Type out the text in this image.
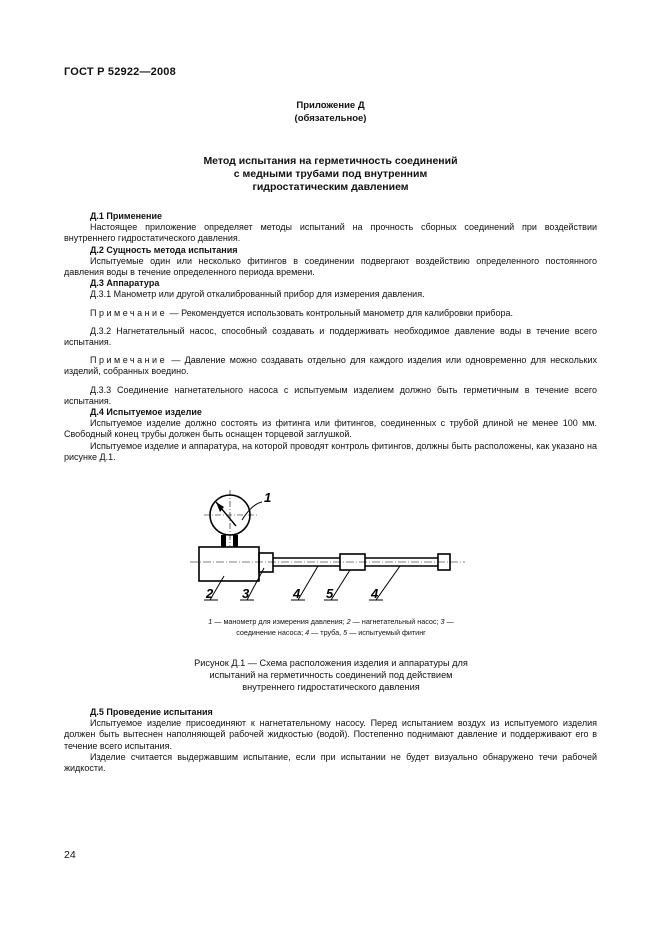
ГОСТ Р 52922—2008
Приложение Д
(обязательное)
Метод испытания на герметичность соединений
с медными трубами под внутренним
гидростатическим давлением

Д.1 Применение

Настоящее приложение определяет методы испытаний на прочность сборных соединений при воздействии внутреннего гидростатического давления.

Д.2 Сущность метода испытания

Испытуемые один или несколько фитингов в соединении подвергают воздействию определенного постоянного давления воды в течение определенного периода времени.

Д.3 Аппаратура

Д.3.1 Манометр или другой откалиброванный прибор для измерения давления.

Примечание — Рекомендуется использовать контрольный манометр для калибровки прибора.

Д.3.2 Нагнетательный насос, способный создавать и поддерживать необходимое давление воды в течение всего испытания.

Примечание — Давление можно создавать отдельно для каждого изделия или одновременно для нескольких изделий, собранных воедино.

Д.3.3 Соединение нагнетательного насоса с испытуемым изделием должно быть герметичным в течение всего испытания.

Д.4 Испытуемое изделие

Испытуемое изделие должно состоять из фитинга или фитингов, соединенных с трубой длиной не менее 100 мм. Свободный конец трубы должен быть оснащен торцевой заглушкой.

Испытуемое изделие и аппаратура, на которой проводят контроль фитингов, должны быть расположены, как указано на рисунке Д.1.

1
2 3	4 5	4
1 — манометр для измерения давления; 2 — нагнетательный насос; 3 — соединение насоса; 4 — труба, 5 — испытуемый фитинг
Рисунок Д.1 — Схема расположения изделия и аппаратуры для испытаний на герметичность соединений под действием внутреннего гидростатического давления

Д.5 Проведение испытания

Испытуемое изделие присоединяют к нагнетательному насосу. Перед испытанием воздух из испытуемого изделия должен быть вытеснен наполняющей рабочей жидкостью (водой). Постепенно поднимают давление и поддерживают его в течение всего испытания.

Изделие считается выдержавшим испытание, если при испытании не будет визуально обнаружено течи рабочей жидкости.

24
